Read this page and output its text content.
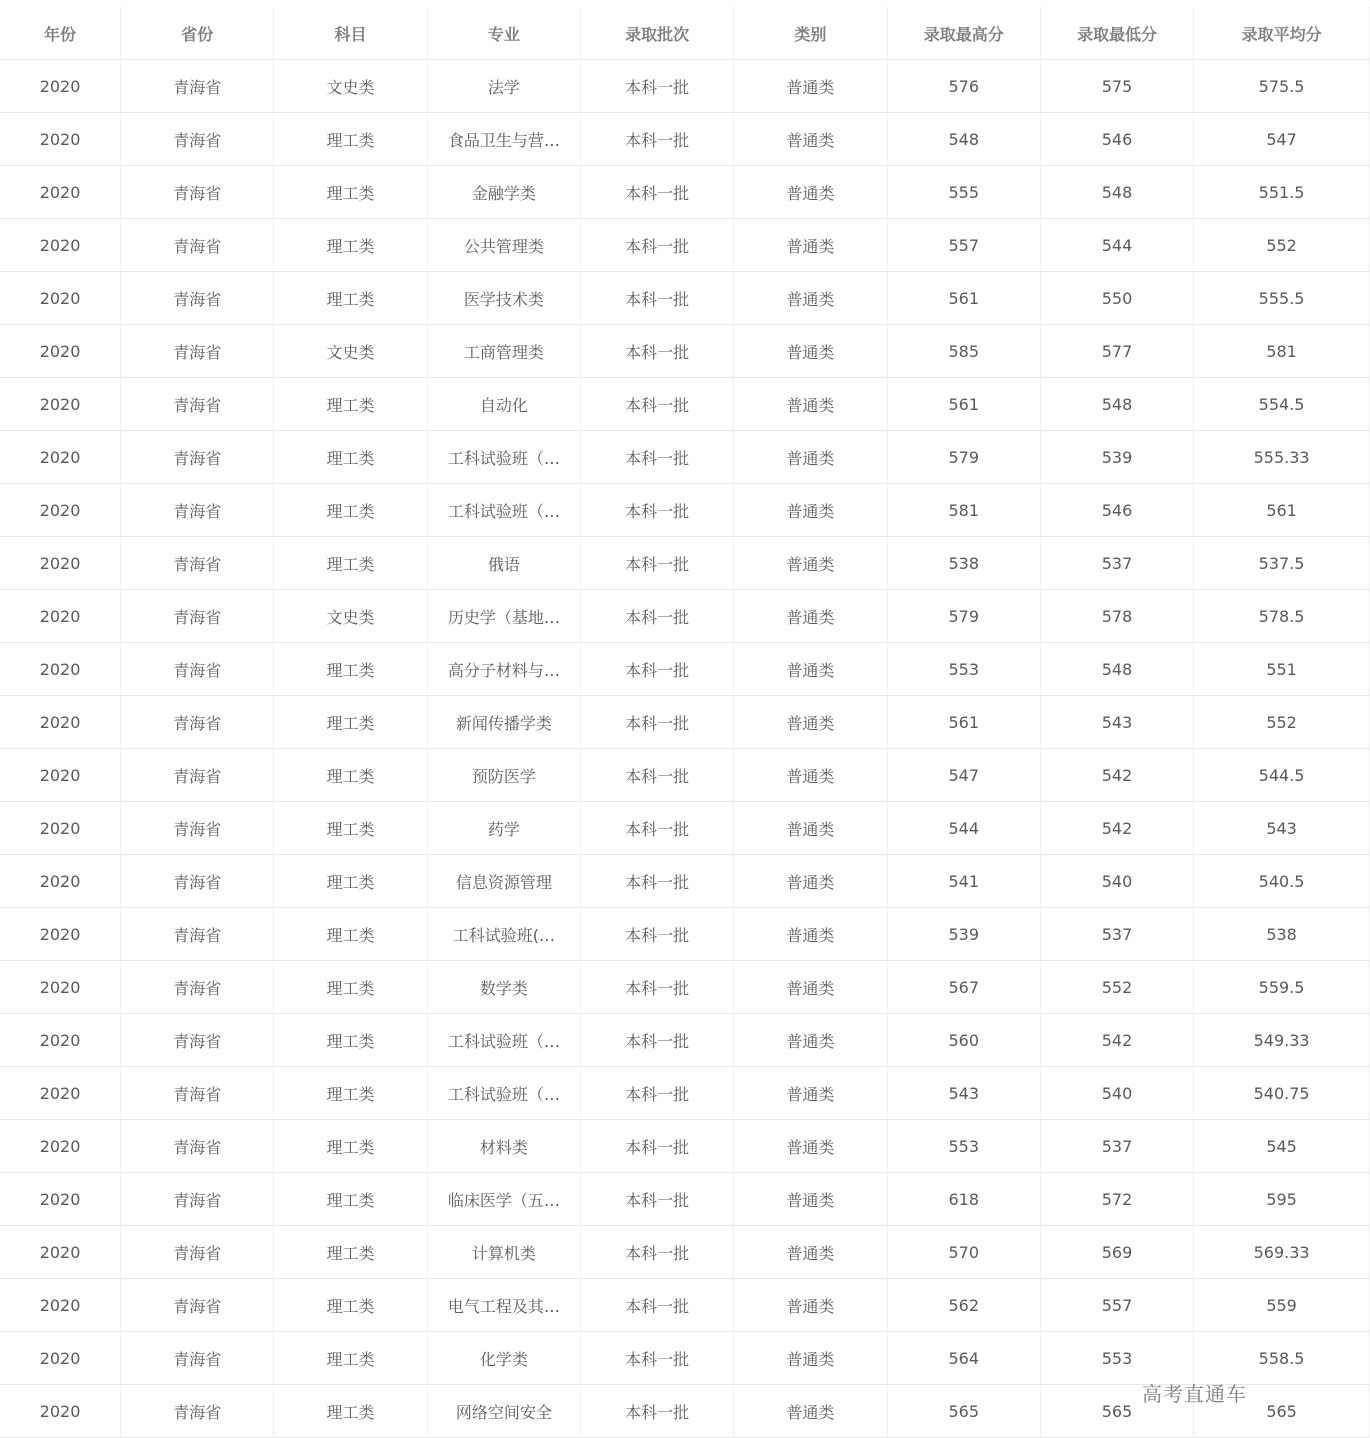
年份	省份	科目	专业	录取批次	类别	录取最高分	录取最低分	录取平均分
2020	青海省	文史类	法学	本科一批	普通类	576	575	575.5
2020	青海省	理工类	食品卫生与营…	本科一批	普通类	548	546	547
2020	青海省	理工类	金融学类	本科一批	普通类	555	548	551.5
2020	青海省	理工类	公共管理类	本科一批	普通类	557	544	552
2020	青海省	理工类	医学技术类	本科一批	普通类	561	550	555.5
2020	青海省	文史类	工商管理类	本科一批	普通类	585	577	581
2020	青海省	理工类	自动化	本科一批	普通类	561	548	554.5
2020	青海省	理工类	工科试验班（…	本科一批	普通类	579	539	555.33
2020	青海省	理工类	工科试验班（…	本科一批	普通类	581	546	561
2020	青海省	理工类	俄语	本科一批	普通类	538	537	537.5
2020	青海省	文史类	历史学（基地…	本科一批	普通类	579	578	578.5
2020	青海省	理工类	高分子材料与…	本科一批	普通类	553	548	551
2020	青海省	理工类	新闻传播学类	本科一批	普通类	561	543	552
2020	青海省	理工类	预防医学	本科一批	普通类	547	542	544.5
2020	青海省	理工类	药学	本科一批	普通类	544	542	543
2020	青海省	理工类	信息资源管理	本科一批	普通类	541	540	540.5
2020	青海省	理工类	工科试验班(…	本科一批	普通类	539	537	538
2020	青海省	理工类	数学类	本科一批	普通类	567	552	559.5
2020	青海省	理工类	工科试验班（…	本科一批	普通类	560	542	549.33
2020	青海省	理工类	工科试验班（…	本科一批	普通类	543	540	540.75
2020	青海省	理工类	材料类	本科一批	普通类	553	537	545
2020	青海省	理工类	临床医学（五…	本科一批	普通类	618	572	595
2020	青海省	理工类	计算机类	本科一批	普通类	570	569	569.33
2020	青海省	理工类	电气工程及其…	本科一批	普通类	562	557	559
2020	青海省	理工类	化学类	本科一批	普通类	564	553	558.5
2020	青海省	理工类	网络空间安全	本科一批	普通类	565	565	565
高考直通车
